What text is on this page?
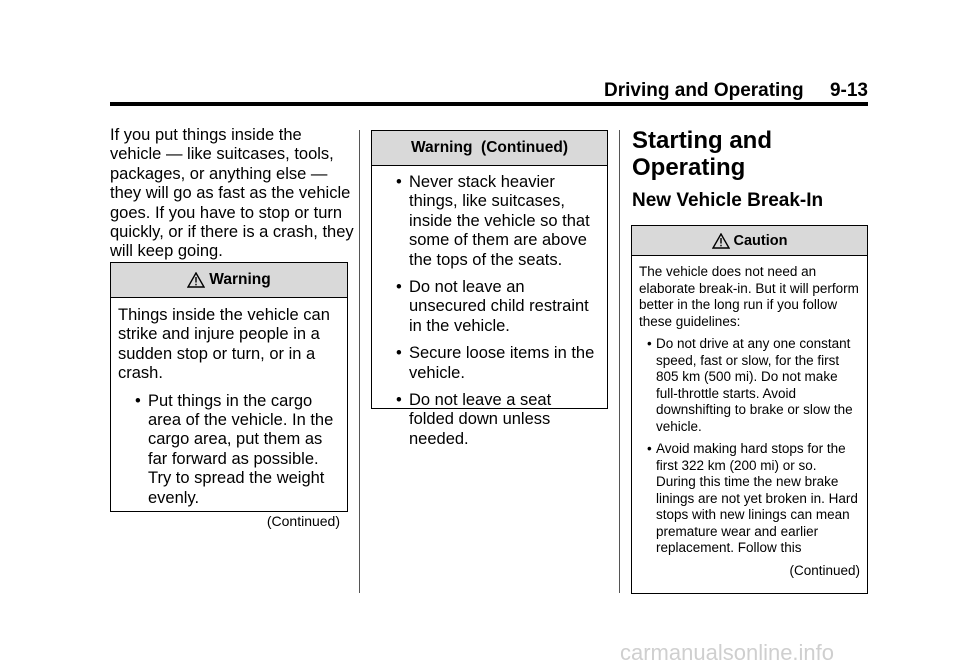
Driving and Operating 9-13
If you put things inside the vehicle — like suitcases, tools, packages, or anything else — they will go as fast as the vehicle goes. If you have to stop or turn quickly, or if there is a crash, they will keep going.
Warning
Things inside the vehicle can strike and injure people in a sudden stop or turn, or in a crash.
• Put things in the cargo area of the vehicle. In the cargo area, put them as far forward as possible. Try to spread the weight evenly.
(Continued)
Warning  (Continued)
• Never stack heavier things, like suitcases, inside the vehicle so that some of them are above the tops of the seats.
• Do not leave an unsecured child restraint in the vehicle.
• Secure loose items in the vehicle.
• Do not leave a seat folded down unless needed.
Starting and Operating
New Vehicle Break-In
Caution
The vehicle does not need an elaborate break-in. But it will perform better in the long run if you follow these guidelines:
• Do not drive at any one constant speed, fast or slow, for the first 805 km (500 mi). Do not make full-throttle starts. Avoid downshifting to brake or slow the vehicle.
• Avoid making hard stops for the first 322 km (200 mi) or so. During this time the new brake linings are not yet broken in. Hard stops with new linings can mean premature wear and earlier replacement. Follow this
(Continued)
carmanualsonline.info
